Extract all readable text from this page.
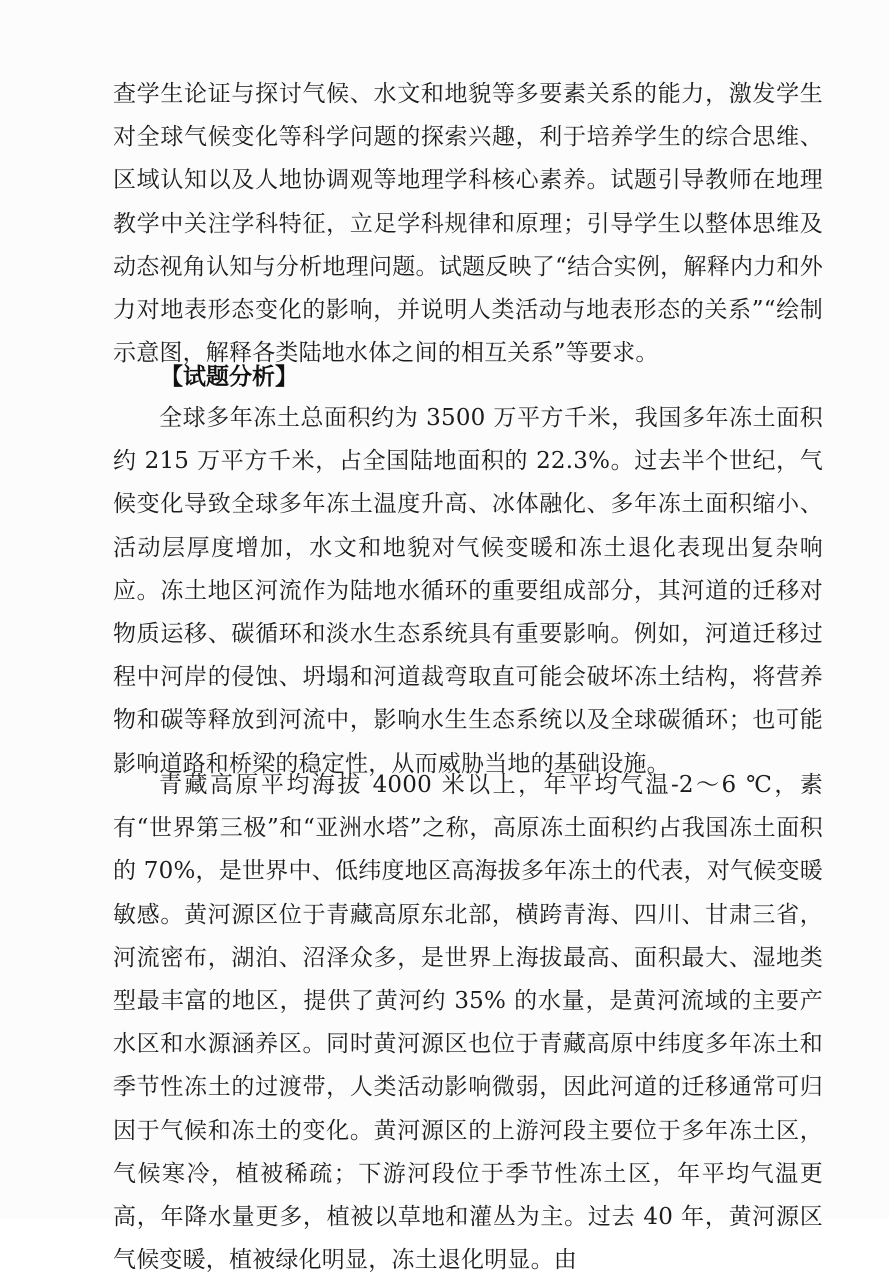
查学生论证与探讨气候、水文和地貌等多要素关系的能力，激发学生对全球气候变化等科学问题的探索兴趣，利于培养学生的综合思维、区域认知以及人地协调观等地理学科核心素养。试题引导教师在地理教学中关注学科特征，立足学科规律和原理；引导学生以整体思维及动态视角认知与分析地理问题。试题反映了“结合实例，解释内力和外力对地表形态变化的影响，并说明人类活动与地表形态的关系”“绘制示意图，解释各类陆地水体之间的相互关系”等要求。

【试题分析】

全球多年冻土总面积约为 3500 万平方千米，我国多年冻土面积约 215 万平方千米，占全国陆地面积的 22.3%。过去半个世纪，气候变化导致全球多年冻土温度升高、冰体融化、多年冻土面积缩小、活动层厚度增加，水文和地貌对气候变暖和冻土退化表现出复杂响应。冻土地区河流作为陆地水循环的重要组成部分，其河道的迁移对物质运移、碳循环和淡水生态系统具有重要影响。例如，河道迁移过程中河岸的侵蚀、坍塌和河道裁弯取直可能会破坏冻土结构，将营养物和碳等释放到河流中，影响水生生态系统以及全球碳循环；也可能影响道路和桥梁的稳定性，从而威胁当地的基础设施。

青藏高原平均海拔 4000 米以上，年平均气温-2～6 ℃，素有“世界第三极”和“亚洲水塔”之称，高原冻土面积约占我国冻土面积的 70%，是世界中、低纬度地区高海拔多年冻土的代表，对气候变暖敏感。黄河源区位于青藏高原东北部，横跨青海、四川、甘肃三省，河流密布，湖泊、沼泽众多，是世界上海拔最高、面积最大、湿地类型最丰富的地区，提供了黄河约 35% 的水量，是黄河流域的主要产水区和水源涵养区。同时黄河源区也位于青藏高原中纬度多年冻土和季节性冻土的过渡带，人类活动影响微弱，因此河道的迁移通常可归因于气候和冻土的变化。黄河源区的上游河段主要位于多年冻土区，气候寒冷，植被稀疏；下游河段位于季节性冻土区，年平均气温更高，年降水量更多，植被以草地和灌丛为主。过去 40 年，黄河源区气候变暖，植被绿化明显，冻土退化明显。由
